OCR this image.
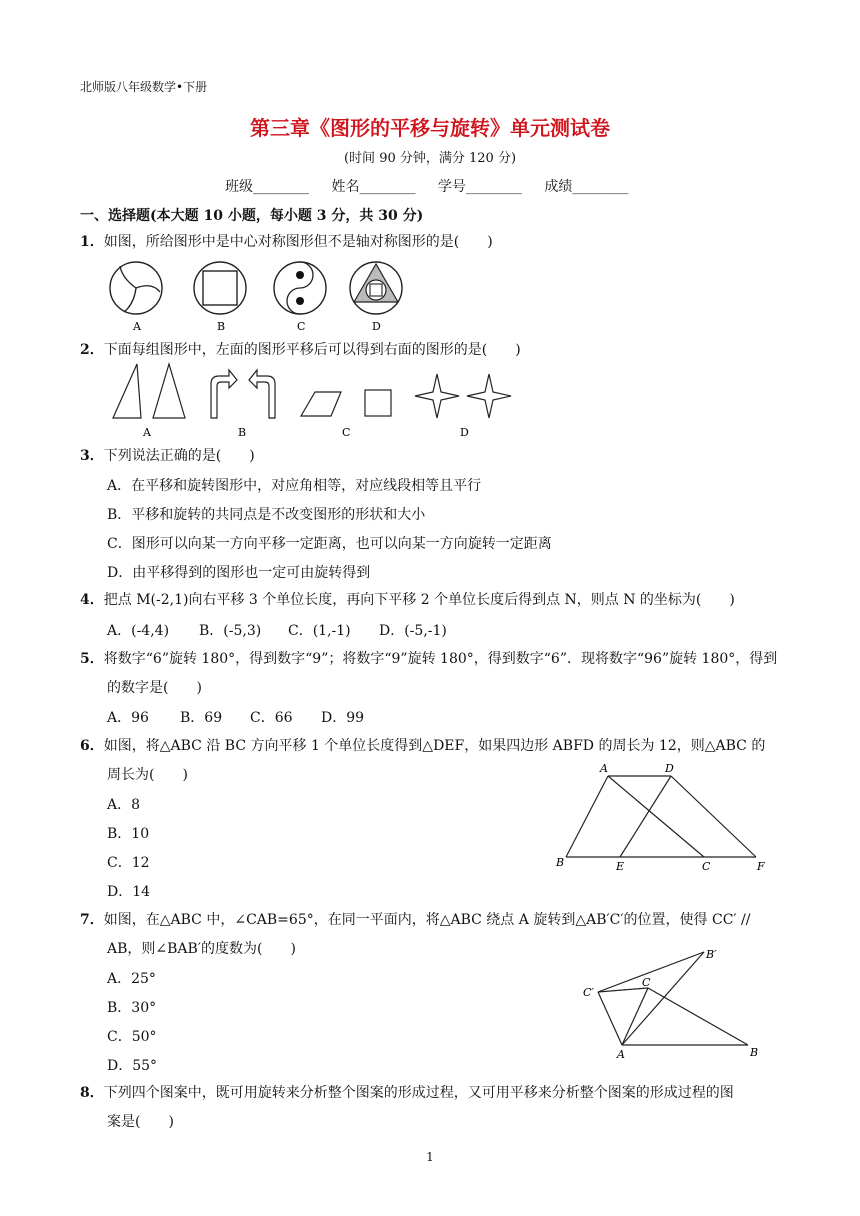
北师版八年级数学•下册
第三章《图形的平移与旋转》单元测试卷
(时间 90 分钟，满分 120 分)
班级________ 姓名________ 学号________ 成绩________
一、选择题(本大题 10 小题，每小题 3 分，共 30 分)
1．如图，所给图形中是中心对称图形但不是轴对称图形的是(　　)
A	B	C	D
2．下面每组图形中，左面的图形平移后可以得到右面的图形的是(　　)
A	B	C	D
3．下列说法正确的是(　　)
A．在平移和旋转图形中，对应角相等，对应线段相等且平行
B．平移和旋转的共同点是不改变图形的形状和大小
C．图形可以向某一方向平移一定距离，也可以向某一方向旋转一定距离
D．由平移得到的图形也一定可由旋转得到
4．把点 M(-2,1)向右平移 3 个单位长度，再向下平移 2 个单位长度后得到点 N，则点 N 的坐标为(　　)
A．(-4,4) B．(-5,3) C．(1,-1) D．(-5,-1)
5．将数字“6”旋转 180°，得到数字“9”；将数字“9”旋转 180°，得到数字“6”．现将数字“96”旋转 180°，得到
的数字是(　　)
A．96 B．69 C．66 D．99
6．如图，将△ABC 沿 BC 方向平移 1 个单位长度得到△DEF，如果四边形 ABFD 的周长为 12，则△ABC 的
周长为(　　)
A．8
B．10
C．12
D．14
A	D
B	E	C	F
7．如图，在△ABC 中，∠CAB=65°，在同一平面内，将△ABC 绕点 A 旋转到△AB′C′的位置，使得 CC′ //
AB，则∠BAB′的度数为(　　)
A．25°
B．30°
C．50°
D．55°
B′
C
C′
A	B
8．下列四个图案中，既可用旋转来分析整个图案的形成过程，又可用平移来分析整个图案的形成过程的图
案是(　　)
1
